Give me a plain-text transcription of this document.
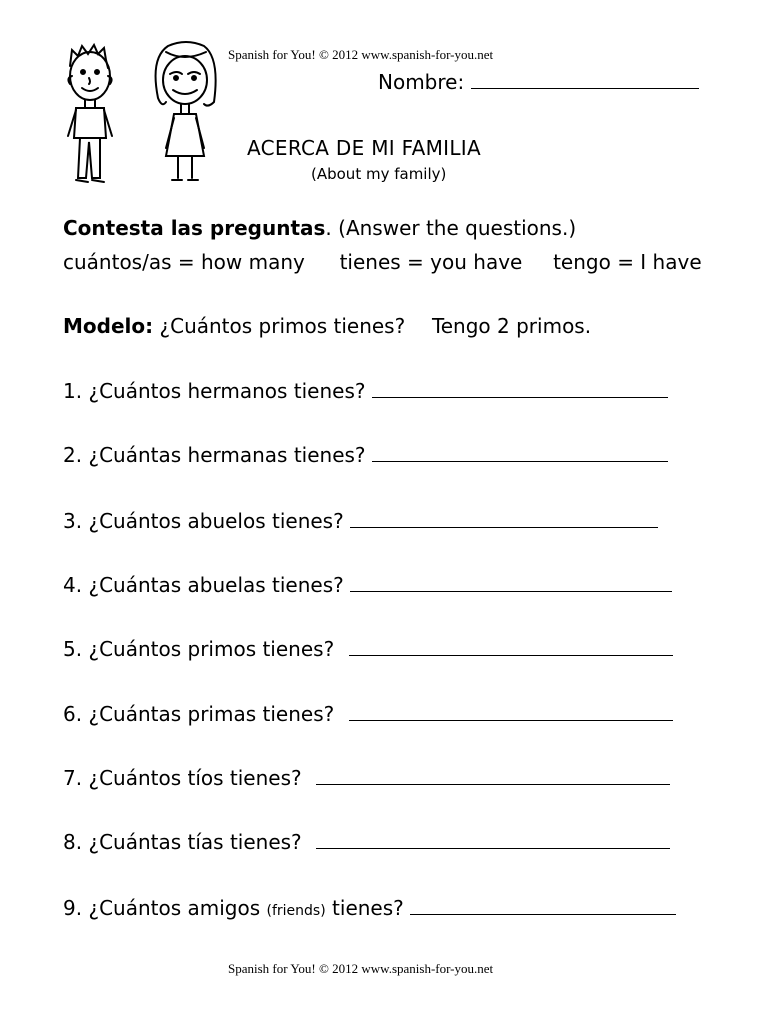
Spanish for You! © 2012 www.spanish-for-you.net
Nombre:
ACERCA DE MI FAMILIA
(About my family)
Contesta las preguntas. (Answer the questions.)
cuántos/as = how many tienes = you have tengo = I have
Modelo: ¿Cuántos primos tienes? Tengo 2 primos.
1. ¿Cuántos hermanos tienes?
2. ¿Cuántas hermanas tienes?
3. ¿Cuántos abuelos tienes?
4. ¿Cuántas abuelas tienes?
5. ¿Cuántos primos tienes?
6. ¿Cuántas primas tienes?
7. ¿Cuántos tíos tienes?
8. ¿Cuántas tías tienes?
9. ¿Cuántos amigos (friends) tienes?
Spanish for You! © 2012 www.spanish-for-you.net
